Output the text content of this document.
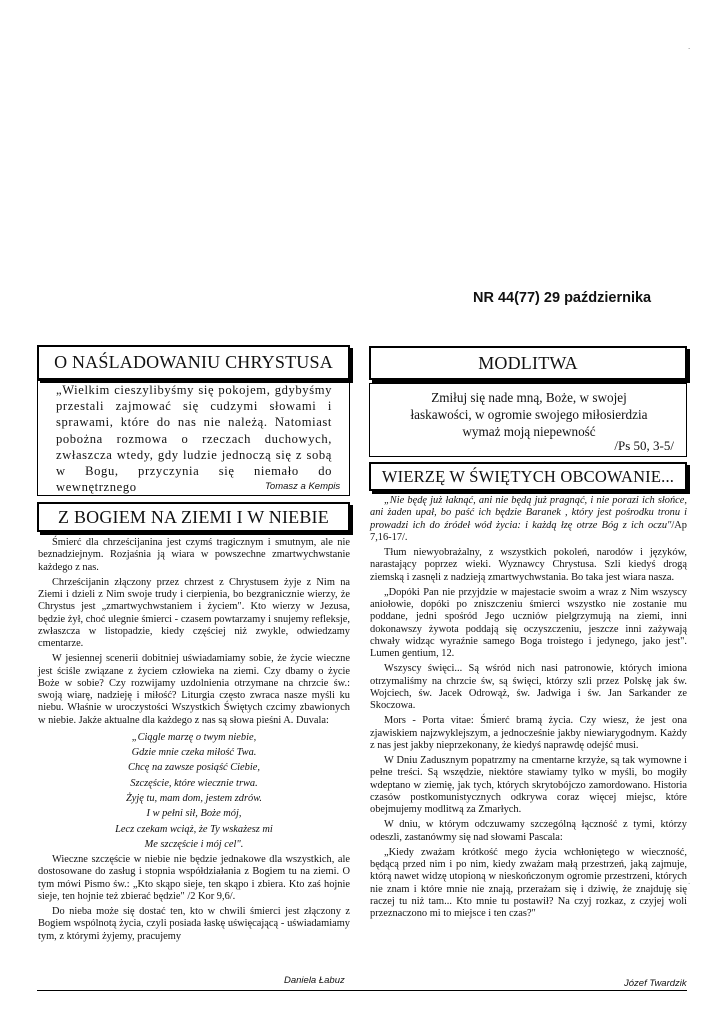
.
.
NR 44(77) 29 października
O NAŚLADOWANIU CHRYSTUSA
„Wielkim cieszylibyśmy się pokojem, gdybyśmy przestali zajmować się cudzymi słowami i sprawami, które do nas nie należą. Natomiast pobożna rozmowa o rzeczach duchowych, zwłaszcza wtedy, gdy ludzie jednoczą się z sobą w Bogu, przyczynia się niemało do wewnętrznego	Tomasz a Kempis
Z BOGIEM NA ZIEMI I W NIEBIE

Śmierć dla chrześcijanina jest czymś tragicznym i smutnym, ale nie beznadziejnym. Rozjaśnia ją wiara w powszechne zmartwychwstanie każdego z nas.

Chrześcijanin złączony przez chrzest z Chrystusem żyje z Nim na Ziemi i dzieli z Nim swoje trudy i cierpienia, bo bezgranicznie wierzy, że Chrystus jest „zmartwychwstaniem i życiem". Kto wierzy w Jezusa, będzie żył, choć ulegnie śmierci - czasem powtarzamy i snujemy refleksje, zwłaszcza w listopadzie, kiedy częściej niż zwykle, odwiedzamy cmentarze.

W jesiennej scenerii dobitniej uświadamiamy sobie, że życie wieczne jest ściśle związane z życiem człowieka na ziemi. Czy dbamy o życie Boże w sobie? Czy rozwijamy uzdolnienia otrzymane na chrzcie św.: swoją wiarę, nadzieję i miłość? Liturgia często zwraca nasze myśli ku niebu. Właśnie w uroczystości Wszystkich Świętych czcimy zbawionych w niebie. Jakże aktualne dla każdego z nas są słowa pieśni A. Duvala:

„Ciągle marzę o twym niebie,
Gdzie mnie czeka miłość Twa.
Chcę na zawsze posiąść Ciebie,
Szczęście, które wiecznie trwa.
Żyję tu, mam dom, jestem zdrów.
I w pełni sił, Boże mój,
Lecz czekam wciąż, że Ty wskażesz mi
Me szczęście i mój cel".

Wieczne szczęście w niebie nie będzie jednakowe dla wszystkich, ale dostosowane do zasług i stopnia współdziałania z Bogiem tu na ziemi. O tym mówi Pismo św.: „Kto skąpo sieje, ten skąpo i zbiera. Kto zaś hojnie sieje, ten hojnie też zbierać będzie" /2 Kor 9,6/.

Do nieba może się dostać ten, kto w chwili śmierci jest złączony z Bogiem wspólnotą życia, czyli posiada łaskę uświęcającą - uświadamiamy tym, z którymi żyjemy, pracujemy

Daniela Łabuz
MODLITWA
Zmiłuj się nade mną, Boże, w swojej łaskawości, w ogromie swojego miłosierdzia wymaż moją niepewność
/Ps 50, 3-5/
WIERZĘ W ŚWIĘTYCH OBCOWANIE...

„Nie będę już łaknąć, ani nie będą już pragnąć, i nie porazi ich słońce, ani żaden upał, bo paść ich będzie Baranek , który jest pośrodku tronu i prowadzi ich do źródeł wód życia: i każdą łzę otrze Bóg z ich oczu"/Ap 7,16-17/.

Tłum niewyobrażalny, z wszystkich pokoleń, narodów i języków, narastający poprzez wieki. Wyznawcy Chrystusa. Szli kiedyś drogą ziemską i zasnęli z nadzieją zmartwychwstania. Bo taka jest wiara nasza.

„Dopóki Pan nie przyjdzie w majestacie swoim a wraz z Nim wszyscy aniołowie, dopóki po zniszczeniu śmierci wszystko nie zostanie mu poddane, jedni spośród Jego uczniów pielgrzymują na ziemi, inni dokonawszy żywota poddają się oczyszczeniu, jeszcze inni zażywają chwały widząc wyraźnie samego Boga troistego i jedynego, jako jest". Lumen gentium, 12.

Wszyscy święci... Są wśród nich nasi patronowie, których imiona otrzymaliśmy na chrzcie św, są święci, którzy szli przez Polskę jak św. Wojciech, św. Jacek Odrowąż, św. Jadwiga i św. Jan Sarkander ze Skoczowa.

Mors - Porta vitae: Śmierć bramą życia. Czy wiesz, że jest ona zjawiskiem najzwyklejszym, a jednocześnie jakby niewiarygodnym. Każdy z nas jest jakby nieprzekonany, że kiedyś naprawdę odejść musi.

W Dniu Zadusznym popatrzmy na cmentarne krzyże, są tak wymowne i pełne treści. Są wszędzie, niektóre stawiamy tylko w myśli, bo mogiły wdeptano w ziemię, jak tych, których skrytobójczo zamordowano. Historia czasów postkomunistycznych odkrywa coraz więcej miejsc, które obejmujemy modlitwą za Zmarłych.

W dniu, w którym odczuwamy szczególną łączność z tymi, którzy odeszli, zastanówmy się nad słowami Pascala:

„Kiedy zważam krótkość mego życia wchłoniętego w wieczność, będącą przed nim i po nim, kiedy zważam małą przestrzeń, jaką zajmuje, którą nawet widzę utopioną w nieskończonym ogromie przestrzeni, których nie znam i które mnie nie znają, przerażam się i dziwię, że znajduję się raczej tu niż tam... Kto mnie tu postawił? Na czyj rozkaz, z czyjej woli przeznaczono mi to miejsce i ten czas?"

Józef Twardzik
